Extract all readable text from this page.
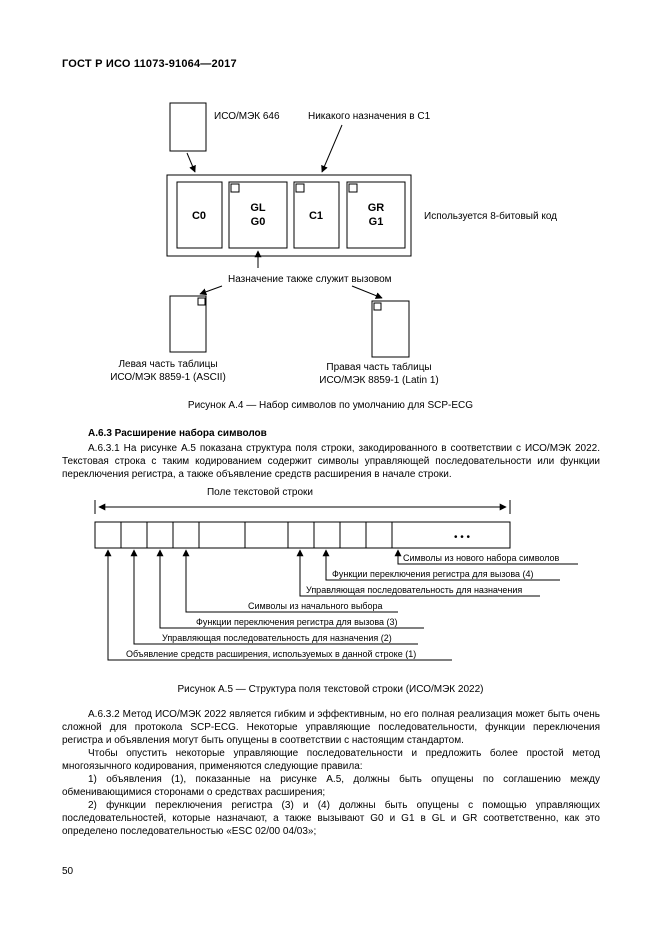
ГОСТ Р ИСО 11073-91064—2017
ИСО/МЭК 646	Никакого назначения в С1
C0
GL
G0	C1
GR
G1	Используется 8-битовый код
Назначение также служит вызовом
Левая часть таблицы
ИСО/МЭК 8859-1 (ASCII)
Правая часть таблицы
ИСО/МЭК 8859-1 (Latin 1)
Рисунок А.4 — Набор символов по умолчанию для SCP-ECG
А.6.3 Расширение набора символов

А.6.3.1 На рисунке А.5 показана структура поля строки, закодированного в соответствии с ИСО/МЭК 2022. Текстовая строка с таким кодированием содержит символы управляющей последовательности или функции переключения регистра, а также объявление средств расширения в начале строки.

Поле текстовой строки
• • •
Символы из нового набора символов
Функции переключения регистра для вызова (4)
Управляющая последовательность для назначения
Символы из начального выбора
Функции переключения регистра для вызова (3)
Управляющая последовательность для назначения (2)
Объявление средств расширения, используемых в данной строке (1)
Рисунок А.5 — Структура поля текстовой строки (ИСО/МЭК 2022)

А.6.3.2 Метод ИСО/МЭК 2022 является гибким и эффективным, но его полная реализация может быть очень сложной для протокола SCP-ECG. Некоторые управляющие последовательности, функции переключения регистра и объявления могут быть опущены в соответствии с настоящим стандартом.

Чтобы опустить некоторые управляющие последовательности и предложить более простой метод многоязычного кодирования, применяются следующие правила:

1) объявления (1), показанные на рисунке А.5, должны быть опущены по соглашению между обменивающимися сторонами о средствах расширения;

2) функции переключения регистра (3) и (4) должны быть опущены с помощью управляющих последовательностей, которые назначают, а также вызывают G0 и G1 в GL и GR соответственно, как это определено последовательностью «ESC 02/00 04/03»;

50
